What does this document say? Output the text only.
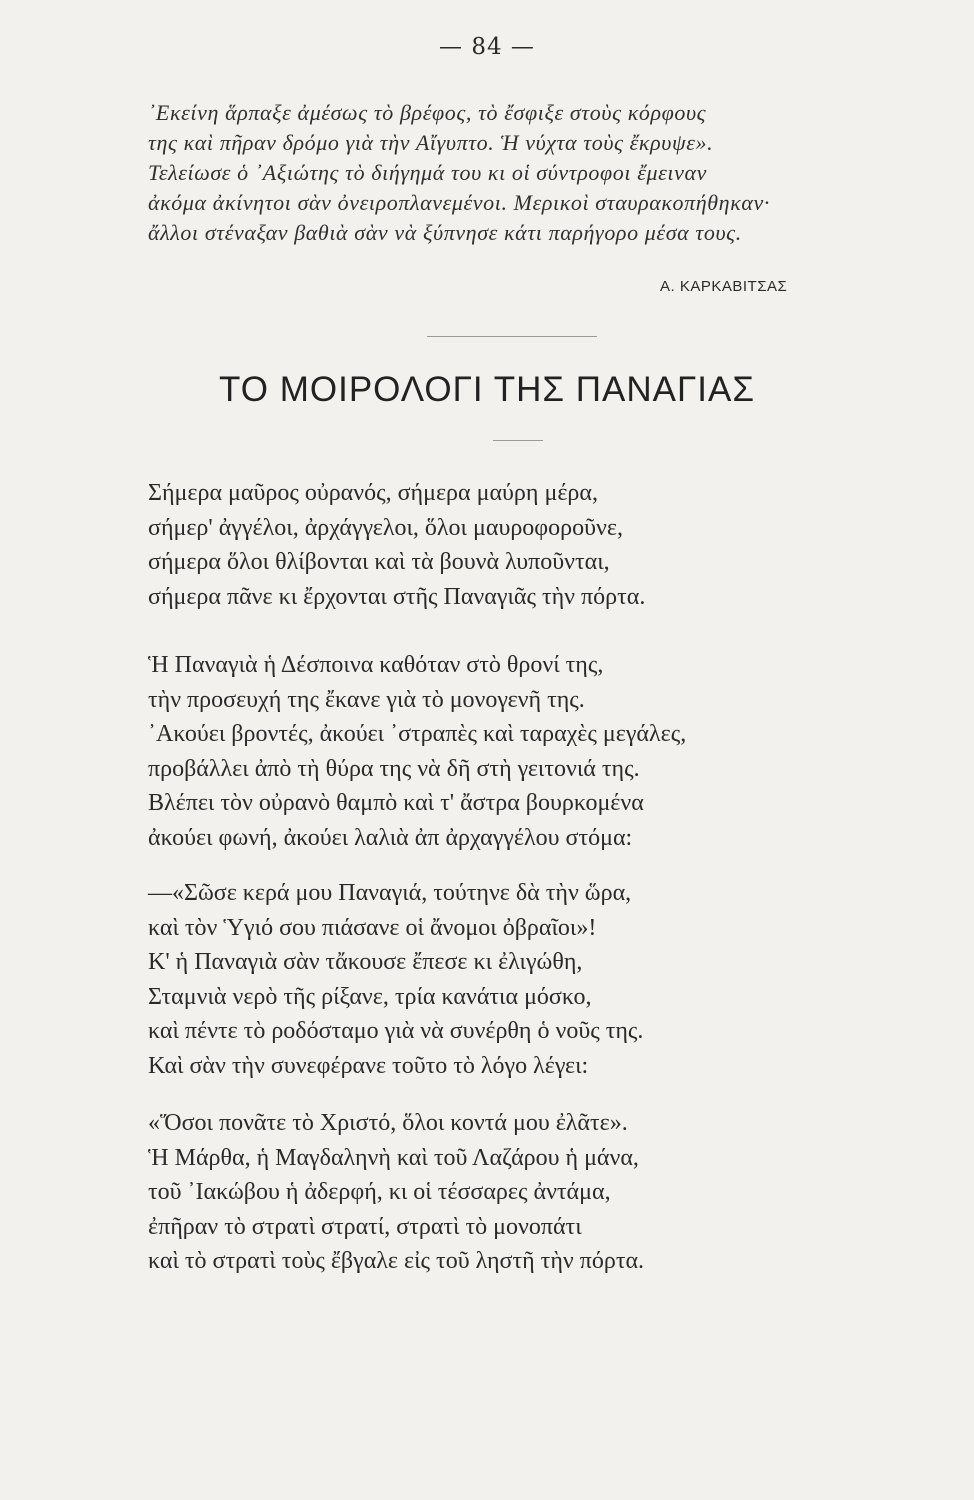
— 84 —
᾿Εκείνη ἅρπαξε ἀμέσως τὸ βρέφος, τὸ ἔσφιξε στοὺς κόρφους
της καὶ πῆραν δρόμο γιὰ τὴν Αἴγυπτο. Ἡ νύχτα τοὺς ἔκρυψε».
Τελείωσε ὁ ᾿Αξιώτης τὸ διήγημά του κι οἱ σύντροφοι ἔμειναν
ἀκόμα ἀκίνητοι σὰν ὀνειροπλανεμένοι. Μερικοὶ σταυρακοπήθηκαν·
ἄλλοι στέναξαν βαθιὰ σὰν νὰ ξύπνησε κάτι παρήγορο μέσα τους.
Α. ΚΑΡΚΑΒΙΤΣΑΣ
ΤΟ ΜΟΙΡΟΛΟΓΙ ΤΗΣ ΠΑΝΑΓΙΑΣ
Σήμερα μαῦρος οὐρανός, σήμερα μαύρη μέρα,
σήμερ' ἀγγέλοι, ἀρχάγγελοι, ὅλοι μαυροφοροῦνε,
σήμερα ὅλοι θλίβονται καὶ τὰ βουνὰ λυποῦνται,
σήμερα πᾶνε κι ἔρχονται στῆς Παναγιᾶς τὴν πόρτα.
Ἡ Παναγιὰ ἡ Δέσποινα καθόταν στὸ θρονί της,
τὴν προσευχή της ἔκανε γιὰ τὸ μονογενῆ της.
᾿Ακούει βροντές, ἀκούει ᾿στραπὲς καὶ ταραχὲς μεγάλες,
προβάλλει ἀπὸ τὴ θύρα της νὰ δῆ στὴ γειτονιά της.
Βλέπει τὸν οὐρανὸ θαμπὸ καὶ τ' ἄστρα βουρκομένα
ἀκούει φωνή, ἀκούει λαλιὰ ἀπ ἀρχαγγέλου στόμα:
—«Σῶσε κερά μου Παναγιά, τούτηνε δὰ τὴν ὥρα,
καὶ τὸν Ὑγιό σου πιάσανε οἱ ἄνομοι ὀβραῖοι»!
Κ' ἡ Παναγιὰ σὰν τἄκουσε ἔπεσε κι ἐλιγώθη,
Σταμνιὰ νερὸ τῆς ρίξανε, τρία κανάτια μόσκο,
καὶ πέντε τὸ ροδόσταμο γιὰ νὰ συνέρθη ὁ νοῦς της.
Καὶ σὰν τὴν συνεφέρανε τοῦτο τὸ λόγο λέγει:
«Ὅσοι πονᾶτε τὸ Χριστό, ὅλοι κοντά μου ἐλᾶτε».
Ἡ Μάρθα, ἡ Μαγδαληνὴ καὶ τοῦ Λαζάρου ἡ μάνα,
τοῦ ᾿Ιακώβου ἡ ἀδερφή, κι οἱ τέσσαρες ἀντάμα,
ἐπῆραν τὸ στρατὶ στρατί, στρατὶ τὸ μονοπάτι
καὶ τὸ στρατὶ τοὺς ἔβγαλε εἰς τοῦ ληστῆ τὴν πόρτα.
